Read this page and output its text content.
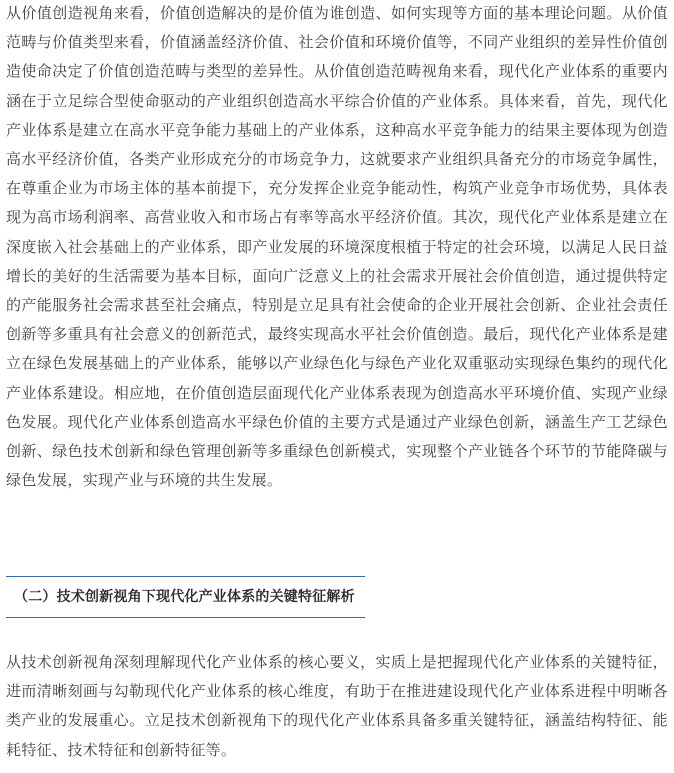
从价值创造视角来看，价值创造解决的是价值为谁创造、如何实现等方面的基本理论问题。从价值范畴与价值类型来看，价值涵盖经济价值、社会价值和环境价值等，不同产业组织的差异性价值创造使命决定了价值创造范畴与类型的差异性。从价值创造范畴视角来看，现代化产业体系的重要内涵在于立足综合型使命驱动的产业组织创造高水平综合价值的产业体系。具体来看，首先，现代化产业体系是建立在高水平竞争能力基础上的产业体系，这种高水平竞争能力的结果主要体现为创造高水平经济价值，各类产业形成充分的市场竞争力，这就要求产业组织具备充分的市场竞争属性，在尊重企业为市场主体的基本前提下，充分发挥企业竞争能动性，构筑产业竞争市场优势，具体表现为高市场利润率、高营业收入和市场占有率等高水平经济价值。其次，现代化产业体系是建立在深度嵌入社会基础上的产业体系，即产业发展的环境深度根植于特定的社会环境，以满足人民日益增长的美好的生活需要为基本目标，面向广泛意义上的社会需求开展社会价值创造，通过提供特定的产能服务社会需求甚至社会痛点，特别是立足具有社会使命的企业开展社会创新、企业社会责任创新等多重具有社会意义的创新范式，最终实现高水平社会价值创造。最后，现代化产业体系是建立在绿色发展基础上的产业体系，能够以产业绿色化与绿色产业化双重驱动实现绿色集约的现代化产业体系建设。相应地，在价值创造层面现代化产业体系表现为创造高水平环境价值、实现产业绿色发展。现代化产业体系创造高水平绿色价值的主要方式是通过产业绿色创新，涵盖生产工艺绿色创新、绿色技术创新和绿色管理创新等多重绿色创新模式，实现整个产业链各个环节的节能降碳与绿色发展，实现产业与环境的共生发展。

（二）技术创新视角下现代化产业体系的关键特征解析

从技术创新视角深刻理解现代化产业体系的核心要义，实质上是把握现代化产业体系的关键特征，进而清晰刻画与勾勒现代化产业体系的核心维度，有助于在推进建设现代化产业体系进程中明晰各类产业的发展重心。立足技术创新视角下的现代化产业体系具备多重关键特征，涵盖结构特征、能耗特征、技术特征和创新特征等。
